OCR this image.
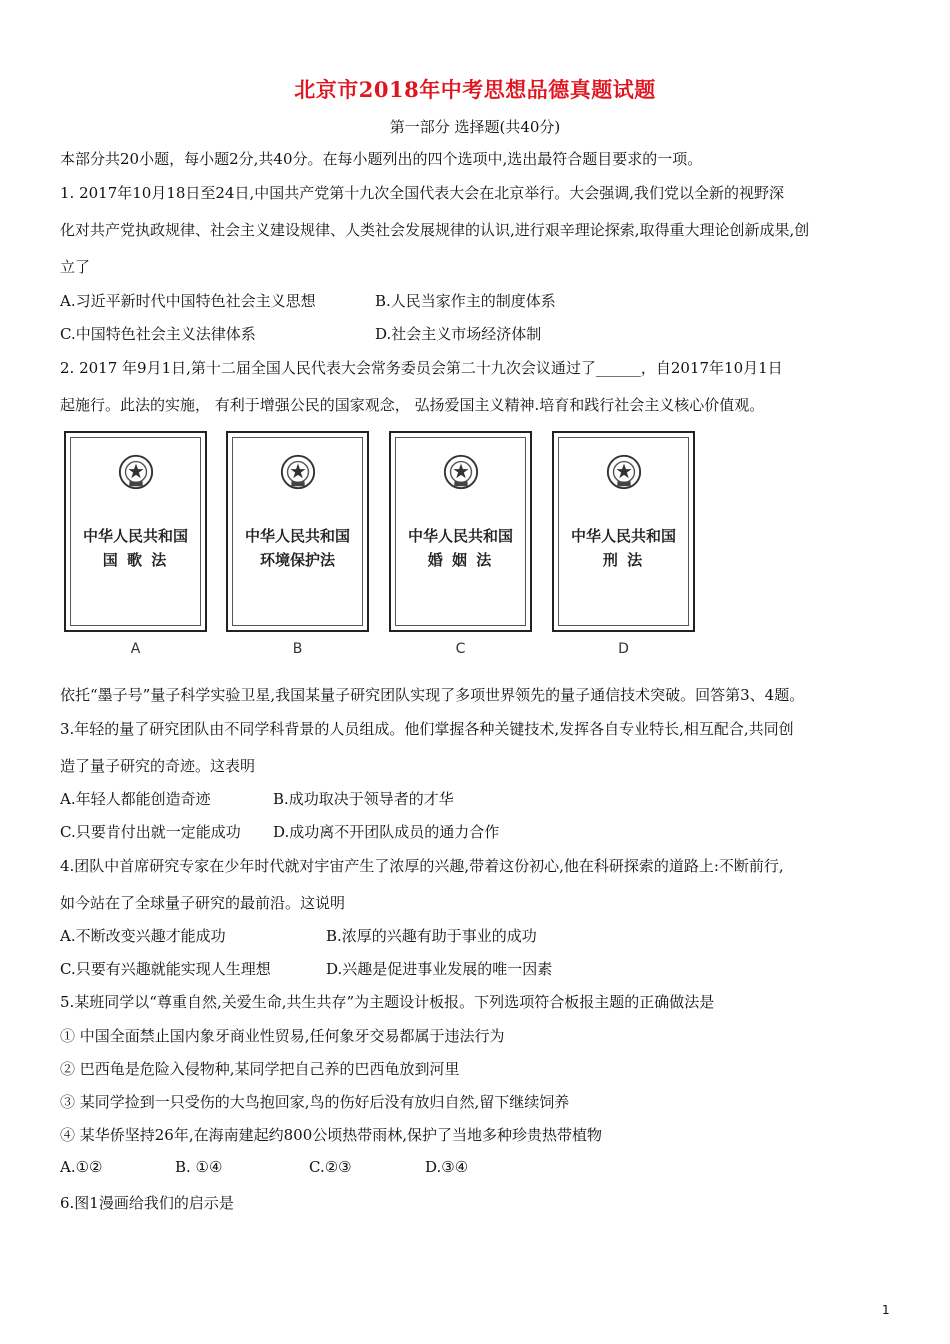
北京市2018年中考思想品德真题试题
第一部分 选择题(共40分)
本部分共20小题，每小题2分,共40分。在每小题列出的四个选项中,选出最符合题目要求的一项。
1. 2017年10月18日至24日,中国共产党第十九次全国代表大会在北京举行。大会强调,我们党以全新的视野深
化对共产党执政规律、社会主义建设规律、人类社会发展规律的认识,进行艰辛理论探索,取得重大理论创新成果,创
立了
A.习近平新时代中国特色社会主义思想	B.人民当家作主的制度体系
C.中国特色社会主义法律体系	D.社会主义市场经济体制
2. 2017 年9月1日,第十二届全国人民代表大会常务委员会第二十九次会议通过了______，自2017年10月1日
起施行。此法的实施， 有利于增强公民的国家观念， 弘扬爱国主义精神.培育和践行社会主义核心价值观。
中华人民共和国
国 歌 法
中华人民共和国
环境保护法
中华人民共和国
婚 姻 法
中华人民共和国
刑 法
A	B	C	D
依托“墨子号”量子科学实验卫星,我国某量子研究团队实现了多项世界领先的量子通信技术突破。回答第3、4题。
3.年轻的量了研究团队由不同学科背景的人员组成。他们掌握各种关键技术,发挥各自专业特长,相互配合,共同创
造了量子研究的奇迹。这表明
A.年轻人都能创造奇迹	B.成功取决于领导者的才华
C.只要肯付出就一定能成功 D.成功离不开团队成员的通力合作
4.团队中首席研究专家在少年时代就对宇宙产生了浓厚的兴趣,带着这份初心,他在科研探索的道路上:不断前行,
如今站在了全球量子研究的最前沿。这说明
A.不断改变兴趣才能成功	B.浓厚的兴趣有助于事业的成功
C.只要有兴趣就能实现人生理想	D.兴趣是促进事业发展的唯一因素
5.某班同学以“尊重自然,关爱生命,共生共存”为主题设计板报。下列选项符合板报主题的正确做法是
① 中国全面禁止国内象牙商业性贸易,任何象牙交易都属于违法行为
② 巴西龟是危险入侵物种,某同学把自己养的巴西龟放到河里
③ 某同学捡到一只受伤的大鸟抱回家,鸟的伤好后没有放归自然,留下继续饲养
④ 某华侨坚持26年,在海南建起约800公顷热带雨林,保护了当地多种珍贵热带植物
A.①②	B. ①④	C.②③	D.③④
6.图1漫画给我们的启示是
1
